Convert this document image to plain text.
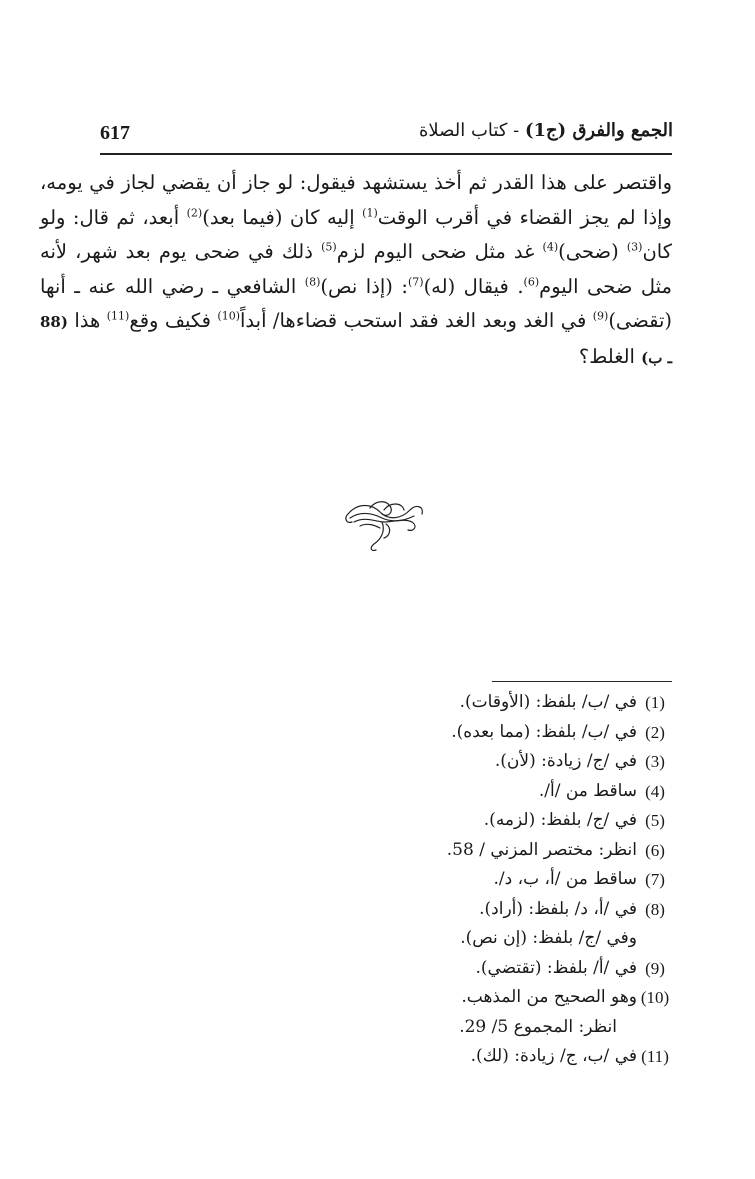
617	الجمع والفرق (ج1) - كتاب الصلاة
واقتصر على هذا القدر ثم أخذ يستشهد فيقول: لو جاز أن يقضي لجاز في يومه، وإذا لم يجز القضاء في أقرب الوقت$^{(1)}$ إليه كان (فيما بعد)$^{(2)}$ أبعد، ثم قال: ولو كان$^{(3)}$ (ضحى)$^{(4)}$ غد مثل ضحى اليوم لزم$^{(5)}$ ذلك في ضحى يوم بعد شهر، لأنه مثل ضحى اليوم$^{(6)}$. فيقال (له)$^{(7)}$: (إذا نص)$^{(8)}$ الشافعي ـ رضي الله عنه ـ أنها (تقضى)$^{(9)}$ في الغد وبعد الغد فقد استحب قضاءها/ أبداً$^{(10)}$ فكيف وقع$^{(11)}$ هذا (88 ـ ب) الغلط؟
(1)
في /ب/ بلفظ: (الأوقات).
(2)
في /ب/ بلفظ: (مما بعده).
(3)
في /ج/ زيادة: (لأن).
(4)
ساقط من /أ/.
(5)
في /ج/ بلفظ: (لزمه).
(6)
انظر: مختصر المزني / 58.
(7)
ساقط من /أ، ب، د/.
(8)
في /أ، د/ بلفظ: (أراد).
وفي /ج/ بلفظ: (إن نص).
(9)
في /أ/ بلفظ: (تقتضي).
(10)
وهو الصحيح من المذهب.
انظر: المجموع 5/ 29.
(11)
في /ب، ج/ زيادة: (لك).
